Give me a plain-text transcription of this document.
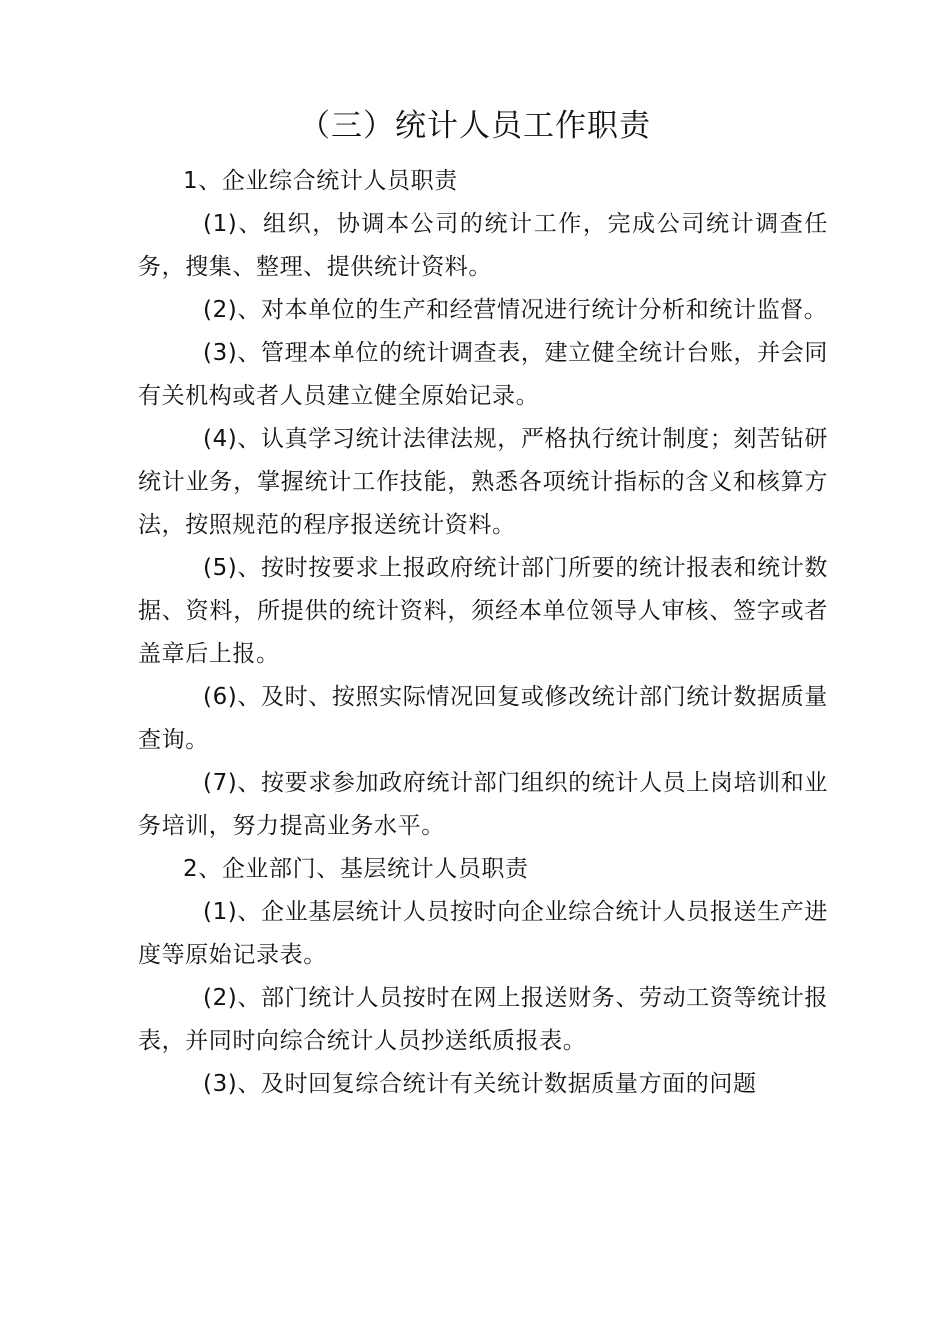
（三）统计人员工作职责

1、企业综合统计人员职责

(1)、组织，协调本公司的统计工作，完成公司统计调查任务，搜集、整理、提供统计资料。

(2)、对本单位的生产和经营情况进行统计分析和统计监督。

(3)、管理本单位的统计调查表，建立健全统计台账，并会同有关机构或者人员建立健全原始记录。

(4)、认真学习统计法律法规，严格执行统计制度；刻苦钻研统计业务，掌握统计工作技能，熟悉各项统计指标的含义和核算方法，按照规范的程序报送统计资料。

(5)、按时按要求上报政府统计部门所要的统计报表和统计数据、资料，所提供的统计资料，须经本单位领导人审核、签字或者盖章后上报。

(6)、及时、按照实际情况回复或修改统计部门统计数据质量查询。

(7)、按要求参加政府统计部门组织的统计人员上岗培训和业务培训，努力提高业务水平。

2、企业部门、基层统计人员职责

(1)、企业基层统计人员按时向企业综合统计人员报送生产进度等原始记录表。

(2)、部门统计人员按时在网上报送财务、劳动工资等统计报表，并同时向综合统计人员抄送纸质报表。

(3)、及时回复综合统计有关统计数据质量方面的问题
